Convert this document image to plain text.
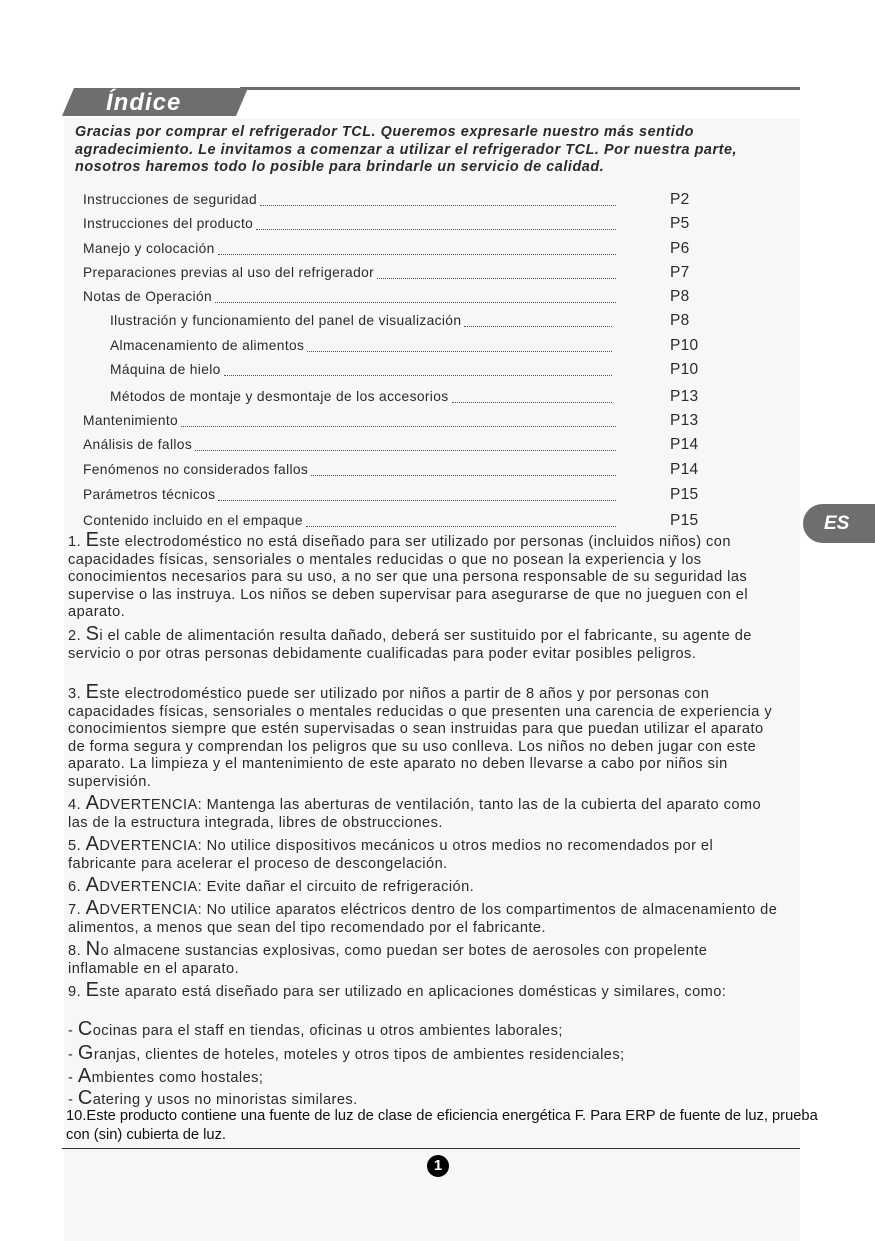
Índice
Gracias por comprar el refrigerador TCL. Queremos expresarle nuestro más sentido agradecimiento. Le invitamos a comenzar a utilizar el refrigerador TCL. Por nuestra parte, nosotros haremos todo lo posible para brindarle un servicio de calidad.
Instrucciones de seguridad	P2
Instrucciones del producto	P5
Manejo y colocación	P6
Preparaciones previas al uso del refrigerador	P7
Notas de Operación	P8
Ilustración y funcionamiento del panel de visualización	P8
Almacenamiento de alimentos	P10
Máquina de hielo	P10
Métodos de montaje y desmontaje de los accesorios	P13
Mantenimiento	P13
Análisis de fallos	P14
Fenómenos no considerados fallos	P14
Parámetros técnicos	P15
Contenido incluido en el empaque	P15	ES
1. Este electrodoméstico no está diseñado para ser utilizado por personas (incluidos niños) con capacidades físicas, sensoriales o mentales reducidas o que no posean la experiencia y los conocimientos necesarios para su uso, a no ser que una persona responsable de su seguridad las supervise o las instruya. Los niños se deben supervisar para asegurarse de que no jueguen con el aparato.
2. Si el cable de alimentación resulta dañado, deberá ser sustituido por el fabricante, su agente de servicio o por otras personas debidamente cualificadas para poder evitar posibles peligros.
3. Este electrodoméstico puede ser utilizado por niños a partir de 8 años y por personas con capacidades físicas, sensoriales o mentales reducidas o que presenten una carencia de experiencia y conocimientos siempre que estén supervisadas o sean instruidas para que puedan utilizar el aparato de forma segura y comprendan los peligros que su uso conlleva. Los niños no deben jugar con este aparato. La limpieza y el mantenimiento de este aparato no deben llevarse a cabo por niños sin supervisión.
4. ADVERTENCIA: Mantenga las aberturas de ventilación, tanto las de la cubierta del aparato como las de la estructura integrada, libres de obstrucciones.
5. ADVERTENCIA: No utilice dispositivos mecánicos u otros medios no recomendados por el fabricante para acelerar el proceso de descongelación.
6. ADVERTENCIA: Evite dañar el circuito de refrigeración.
7. ADVERTENCIA: No utilice aparatos eléctricos dentro de los compartimentos de almacenamiento de alimentos, a menos que sean del tipo recomendado por el fabricante.
8. No almacene sustancias explosivas, como puedan ser botes de aerosoles con propelente inflamable en el aparato.
9. Este aparato está diseñado para ser utilizado en aplicaciones domésticas y similares, como:
- Cocinas para el staff en tiendas, oficinas u otros ambientes laborales;
- Granjas, clientes de hoteles, moteles y otros tipos de ambientes residenciales;
- Ambientes como hostales;
- Catering y usos no minoristas similares.
10.Este producto contiene una fuente de luz de clase de eficiencia energética F. Para ERP de fuente de luz, prueba con (sin) cubierta de luz.
1
